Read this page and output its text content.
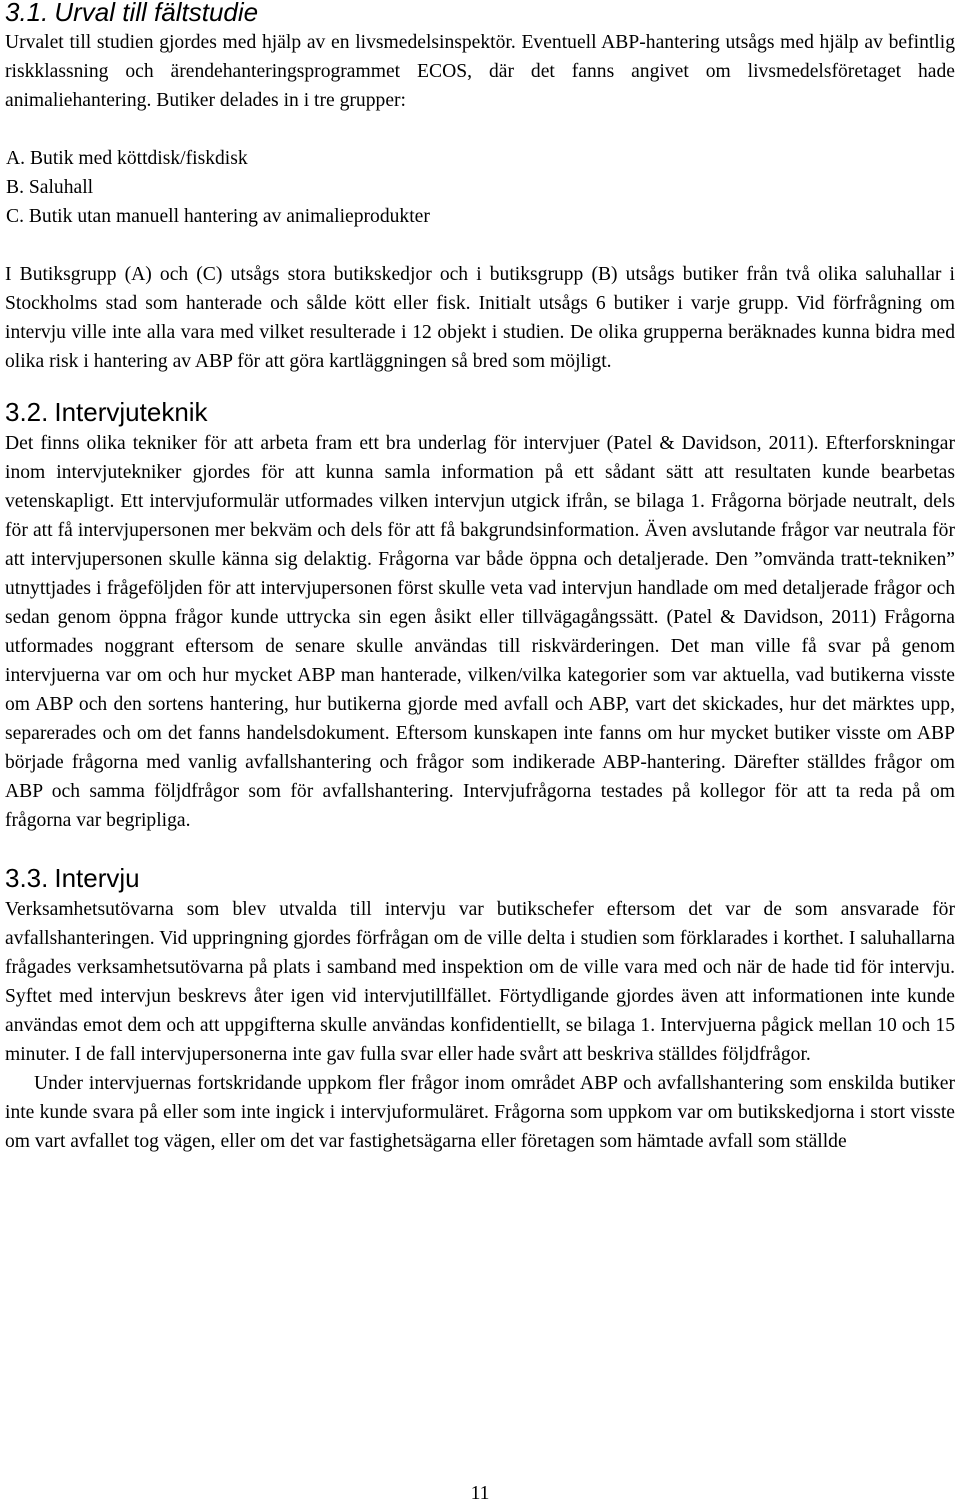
3.1. Urval till fältstudie

Urvalet till studien gjordes med hjälp av en livsmedelsinspektör. Eventuell ABP-hantering utsågs med hjälp av befintlig riskklassning och ärendehanteringsprogrammet ECOS, där det fanns angivet om livsmedelsföretaget hade animaliehantering. Butiker delades in i tre grupper:

A. Butik med köttdisk/fiskdisk
B. Saluhall
C. Butik utan manuell hantering av animalieprodukter

I Butiksgrupp (A) och (C) utsågs stora butikskedjor och i butiksgrupp (B) utsågs butiker från två olika saluhallar i Stockholms stad som hanterade och sålde kött eller fisk. Initialt utsågs 6 butiker i varje grupp. Vid förfrågning om intervju ville inte alla vara med vilket resulterade i 12 objekt i studien. De olika grupperna beräknades kunna bidra med olika risk i hantering av ABP för att göra kartläggningen så bred som möjligt.

3.2. Intervjuteknik

Det finns olika tekniker för att arbeta fram ett bra underlag för intervjuer (Patel & Davidson, 2011). Efterforskningar inom intervjutekniker gjordes för att kunna samla information på ett sådant sätt att resultaten kunde bearbetas vetenskapligt. Ett intervjuformulär utformades vilken intervjun utgick ifrån, se bilaga 1. Frågorna började neutralt, dels för att få intervjupersonen mer bekväm och dels för att få bakgrundsinformation. Även avslutande frågor var neutrala för att intervjupersonen skulle känna sig delaktig. Frågorna var både öppna och detaljerade. Den ”omvända tratt-tekniken” utnyttjades i frågeföljden för att intervjupersonen först skulle veta vad intervjun handlade om med detaljerade frågor och sedan genom öppna frågor kunde uttrycka sin egen åsikt eller tillvägagångssätt. (Patel & Davidson, 2011) Frågorna utformades noggrant eftersom de senare skulle användas till riskvärderingen. Det man ville få svar på genom intervjuerna var om och hur mycket ABP man hanterade, vilken/vilka kategorier som var aktuella, vad butikerna visste om ABP och den sortens hantering, hur butikerna gjorde med avfall och ABP, vart det skickades, hur det märktes upp, separerades och om det fanns handelsdokument. Eftersom kunskapen inte fanns om hur mycket butiker visste om ABP började frågorna med vanlig avfallshantering och frågor som indikerade ABP-hantering. Därefter ställdes frågor om ABP och samma följdfrågor som för avfallshantering. Intervjufrågorna testades på kollegor för att ta reda på om frågorna var begripliga.

3.3. Intervju

Verksamhetsutövarna som blev utvalda till intervju var butikschefer eftersom det var de som ansvarade för avfallshanteringen. Vid uppringning gjordes förfrågan om de ville delta i studien som förklarades i korthet. I saluhallarna frågades verksamhetsutövarna på plats i samband med inspektion om de ville vara med och när de hade tid för intervju. Syftet med intervjun beskrevs åter igen vid intervjutillfället. Förtydligande gjordes även att informationen inte kunde användas emot dem och att uppgifterna skulle användas konfidentiellt, se bilaga 1. Intervjuerna pågick mellan 10 och 15 minuter. I de fall intervjupersonerna inte gav fulla svar eller hade svårt att beskriva ställdes följdfrågor.

Under intervjuernas fortskridande uppkom fler frågor inom området ABP och avfallshantering som enskilda butiker inte kunde svara på eller som inte ingick i intervjuformuläret. Frågorna som uppkom var om butikskedjorna i stort visste om vart avfallet tog vägen, eller om det var fastighetsägarna eller företagen som hämtade avfall som ställde

11
